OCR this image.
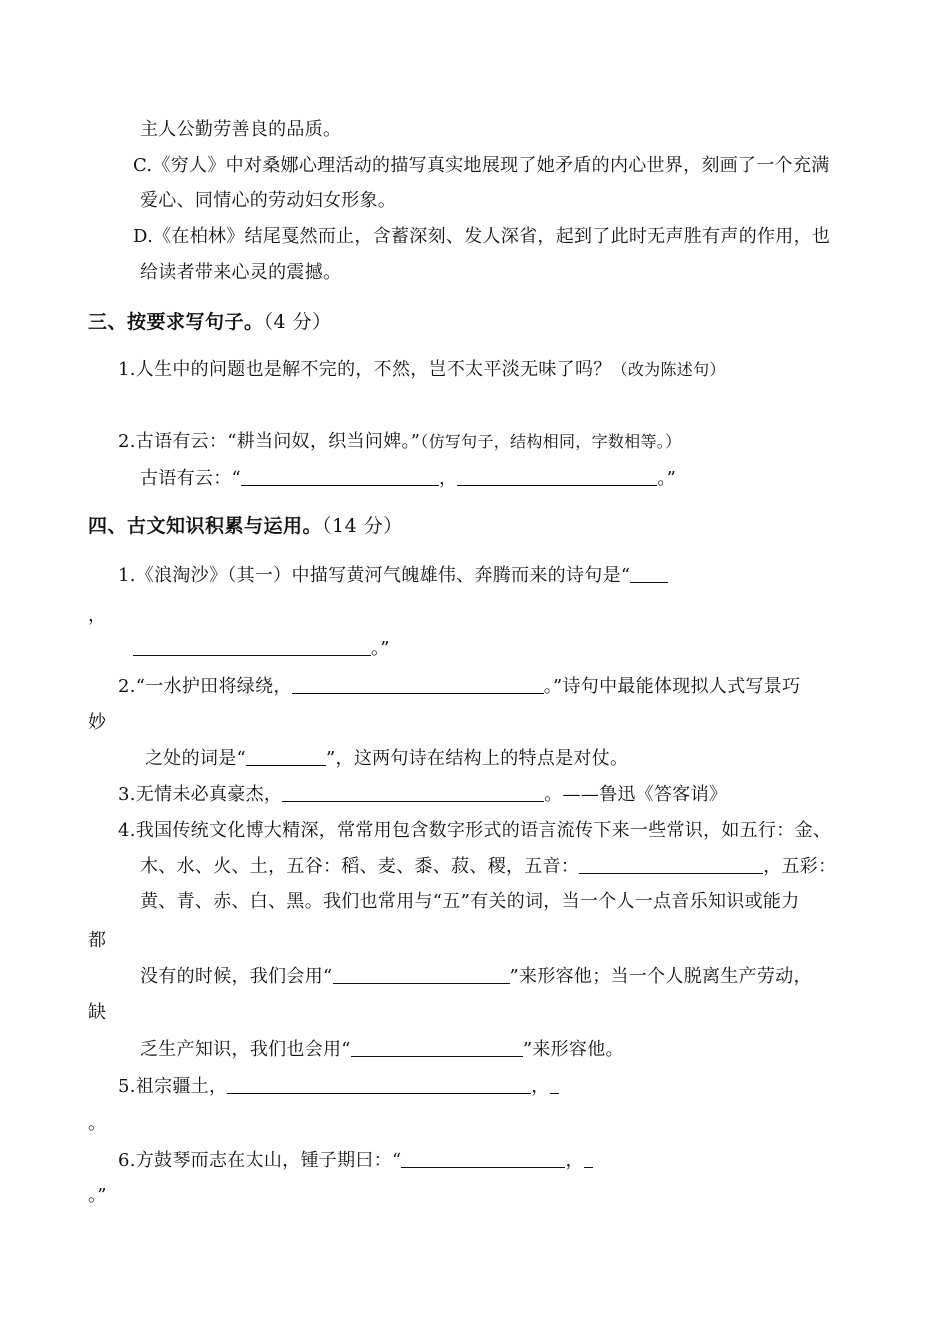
主人公勤劳善良的品质。
C.《穷人》中对桑娜心理活动的描写真实地展现了她矛盾的内心世界，刻画了一个充满
爱心、同情心的劳动妇女形象。
D.《在柏林》结尾戛然而止，含蓄深刻、发人深省，起到了此时无声胜有声的作用，也
给读者带来心灵的震撼。
三、按要求写句子。（4 分）
1.人生中的问题也是解不完的，不然，岂不太平淡无味了吗？（改为陈述句）
2.古语有云：“耕当问奴，织当问婢。”（仿写句子，结构相同，字数相等。）
古语有云：“	，	。”
四、古文知识积累与运用。（14 分）
1.《浪淘沙》（其一）中描写黄河气魄雄伟、奔腾而来的诗句是“
，
。”
2.“一水护田将绿绕，	。”诗句中最能体现拟人式写景巧
妙
之处的词是“	”，这两句诗在结构上的特点是对仗。
3.无情未必真豪杰，	。——鲁迅《答客诮》
4.我国传统文化博大精深，常常用包含数字形式的语言流传下来一些常识，如五行：金、
木、水、火、土，五谷：稻、麦、黍、菽、稷，五音：	，五彩：
黄、青、赤、白、黑。我们也常用与“五”有关的词，当一个人一点音乐知识或能力
都
没有的时候，我们会用“	”来形容他；当一个人脱离生产劳动，
缺
乏生产知识，我们也会用“	”来形容他。
5.祖宗疆土，	，
。
6.方鼓琴而志在太山，锺子期曰：“	，
。”
